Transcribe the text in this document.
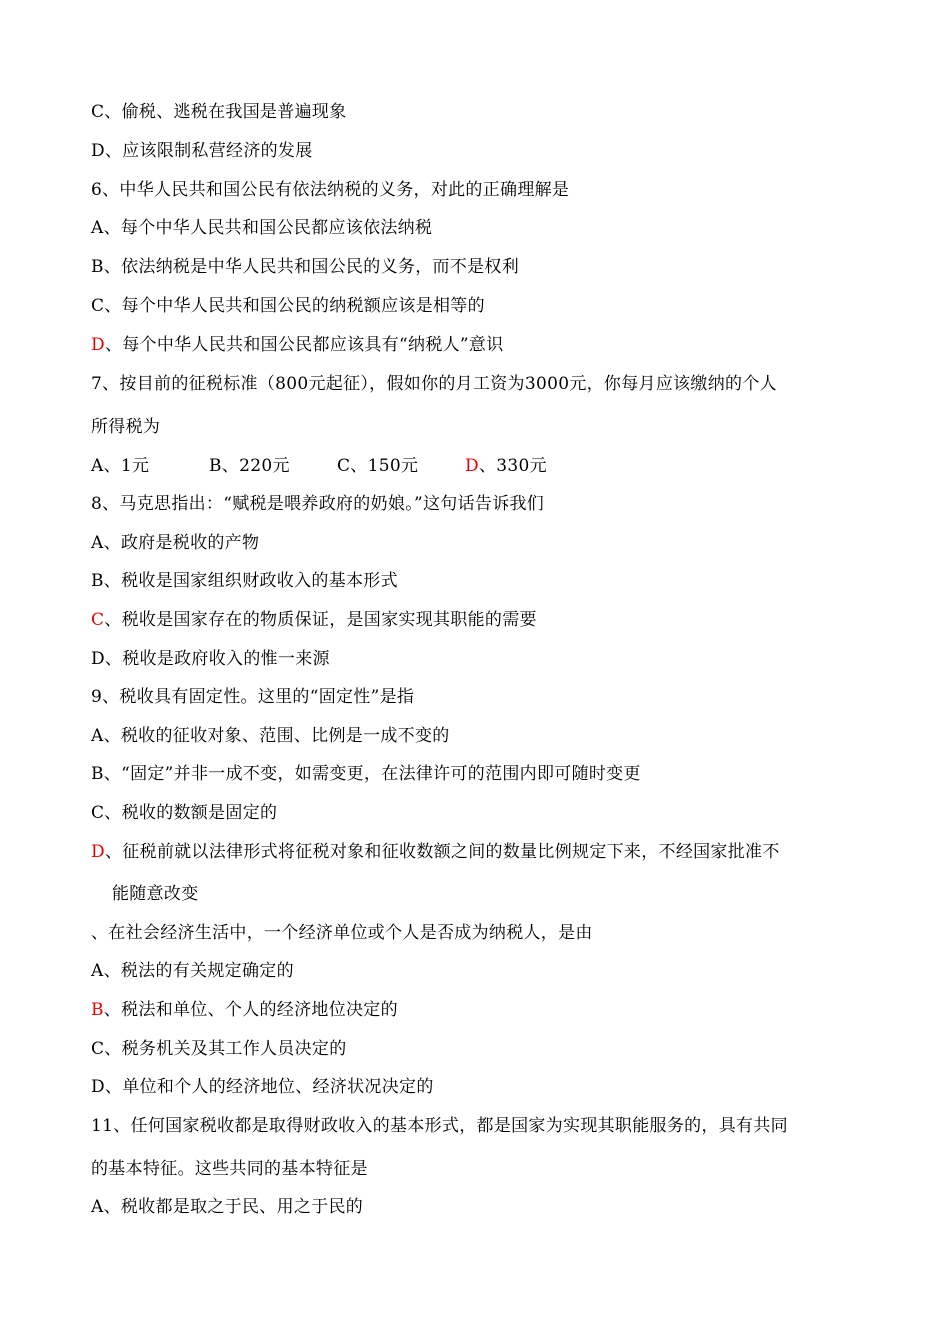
C、偷税、逃税在我国是普遍现象
D、应该限制私营经济的发展
6、中华人民共和国公民有依法纳税的义务，对此的正确理解是
A、每个中华人民共和国公民都应该依法纳税
B、依法纳税是中华人民共和国公民的义务，而不是权利
C、每个中华人民共和国公民的纳税额应该是相等的
D、每个中华人民共和国公民都应该具有“纳税人”意识
7、按目前的征税标准（800元起征），假如你的月工资为3000元，你每月应该缴纳的个人
所得税为
A、1元	B、220元	C、150元	D、330元
8、马克思指出：“赋税是喂养政府的奶娘。”这句话告诉我们
A、政府是税收的产物
B、税收是国家组织财政收入的基本形式
C、税收是国家存在的物质保证，是国家实现其职能的需要
D、税收是政府收入的惟一来源
9、税收具有固定性。这里的“固定性”是指
A、税收的征收对象、范围、比例是一成不变的
B、“固定”并非一成不变，如需变更，在法律许可的范围内即可随时变更
C、税收的数额是固定的
D、征税前就以法律形式将征税对象和征收数额之间的数量比例规定下来，不经国家批准不
能随意改变
、在社会经济生活中，一个经济单位或个人是否成为纳税人，是由
A、税法的有关规定确定的
B、税法和单位、个人的经济地位决定的
C、税务机关及其工作人员决定的
D、单位和个人的经济地位、经济状况决定的
11、任何国家税收都是取得财政收入的基本形式，都是国家为实现其职能服务的，具有共同
的基本特征。这些共同的基本特征是
A、税收都是取之于民、用之于民的
